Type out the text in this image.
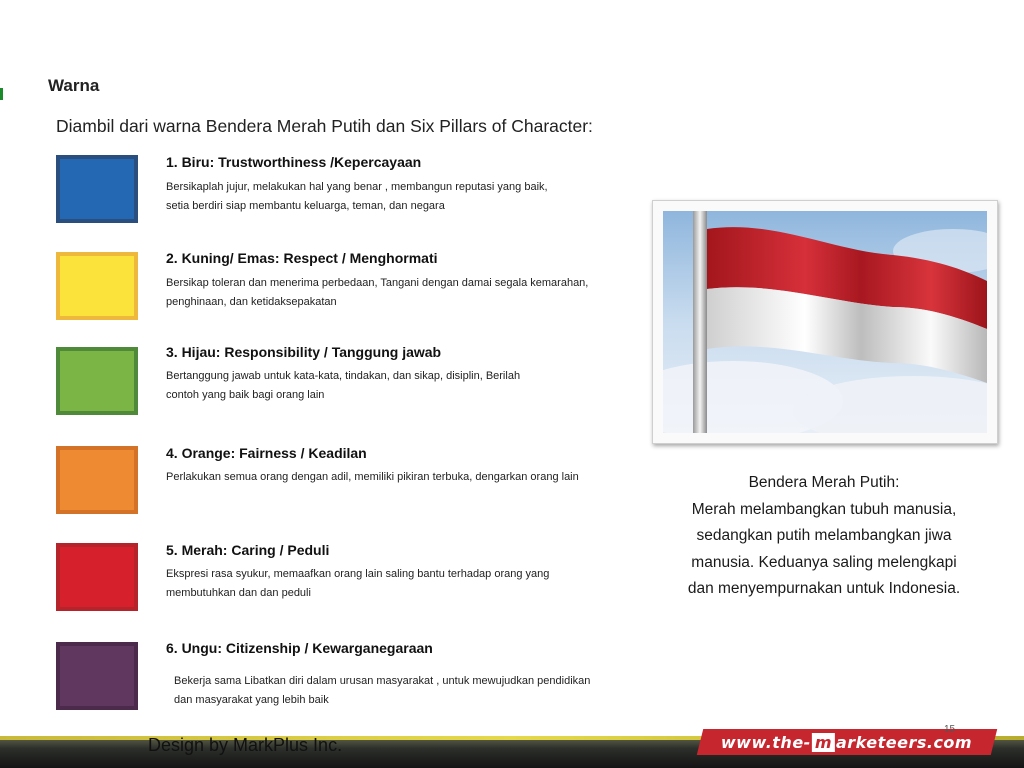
Warna
Diambil dari warna Bendera Merah Putih dan Six Pillars of Character:
1. Biru: Trustworthiness /Kepercayaan
Bersikaplah jujur, melakukan hal yang benar , membangun reputasi yang baik, setia berdiri siap membantu keluarga, teman, dan negara
2. Kuning/ Emas: Respect / Menghormati
Bersikap toleran dan menerima perbedaan, Tangani dengan damai segala kemarahan, penghinaan, dan ketidaksepakatan
3. Hijau: Responsibility / Tanggung jawab
Bertanggung jawab untuk kata-kata, tindakan, dan sikap, disiplin, Berilah contoh yang baik bagi orang lain
4. Orange: Fairness / Keadilan
Perlakukan semua orang dengan adil, memiliki pikiran terbuka, dengarkan orang lain
5. Merah: Caring / Peduli
Ekspresi rasa syukur, memaafkan orang lain saling bantu terhadap orang yang membutuhkan dan dan peduli
6. Ungu: Citizenship / Kewarganegaraan
Bekerja sama Libatkan diri dalam urusan masyarakat , untuk mewujudkan pendidikan dan masyarakat yang lebih baik
Bendera Merah Putih:
Merah melambangkan tubuh manusia,
sedangkan putih melambangkan jiwa
manusia. Keduanya saling melengkapi
dan menyempurnakan untuk Indonesia.
Design by MarkPlus Inc.	www.the- m arketeers.com
15
